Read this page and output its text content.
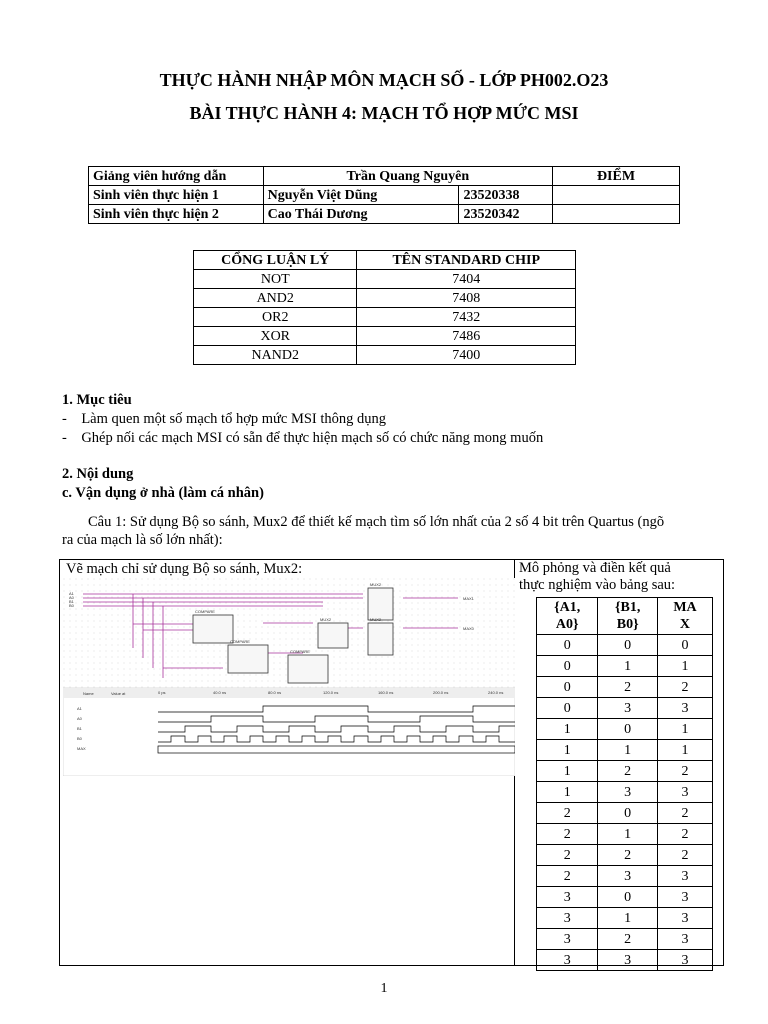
THỰC HÀNH NHẬP MÔN MẠCH SỐ - LỚP PH002.O23
BÀI THỰC HÀNH 4: MẠCH TỔ HỢP MỨC MSI
Giảng viên hướng dẫn	Trần Quang Nguyên		ĐIỂM
Sinh viên thực hiện 1	Nguyễn Việt Dũng	23520338	
Sinh viên thực hiện 2	Cao Thái Dương	23520342	
CỔNG LUẬN LÝ	TÊN STANDARD CHIP
NOT	7404
AND2	7408
OR2	7432
XOR	7486
NAND2	7400
1. Mục tiêu
-    Làm quen một số mạch tổ hợp mức MSI thông dụng
-    Ghép nối các mạch MSI có sẵn để thực hiện mạch số có chức năng mong muốn
2. Nội dung
c. Vận dụng ở nhà (làm cá nhân)
Câu 1: Sử dụng Bộ so sánh, Mux2 để thiết kế mạch tìm số lớn nhất của 2 số 4 bit trên Quartus (ngõ
ra của mạch là số lớn nhất):
Vẽ mạch chỉ sử dụng Bộ so sánh, Mux2:
COMPARE
COMPARE
COMPARE
MUX2
MUX2
MUX2
A1
A0
B1
B0
MAX1
MAX0
Name	Value at	0 ps	40.0 ns	80.0 ns	120.0 ns	160.0 ns	200.0 ns	240.0 ns
A1
A0
B1
B0
MAX
Mô phỏng và điền kết quả
thực nghiệm vào bảng sau:
{A1,
A0}	{B1,
B0}	MA
X
0	0	0
0	1	1
0	2	2
0	3	3
1	0	1
1	1	1
1	2	2
1	3	3
2	0	2
2	1	2
2	2	2
2	3	3
3	0	3
3	1	3
3	2	3
3	3	3
1
